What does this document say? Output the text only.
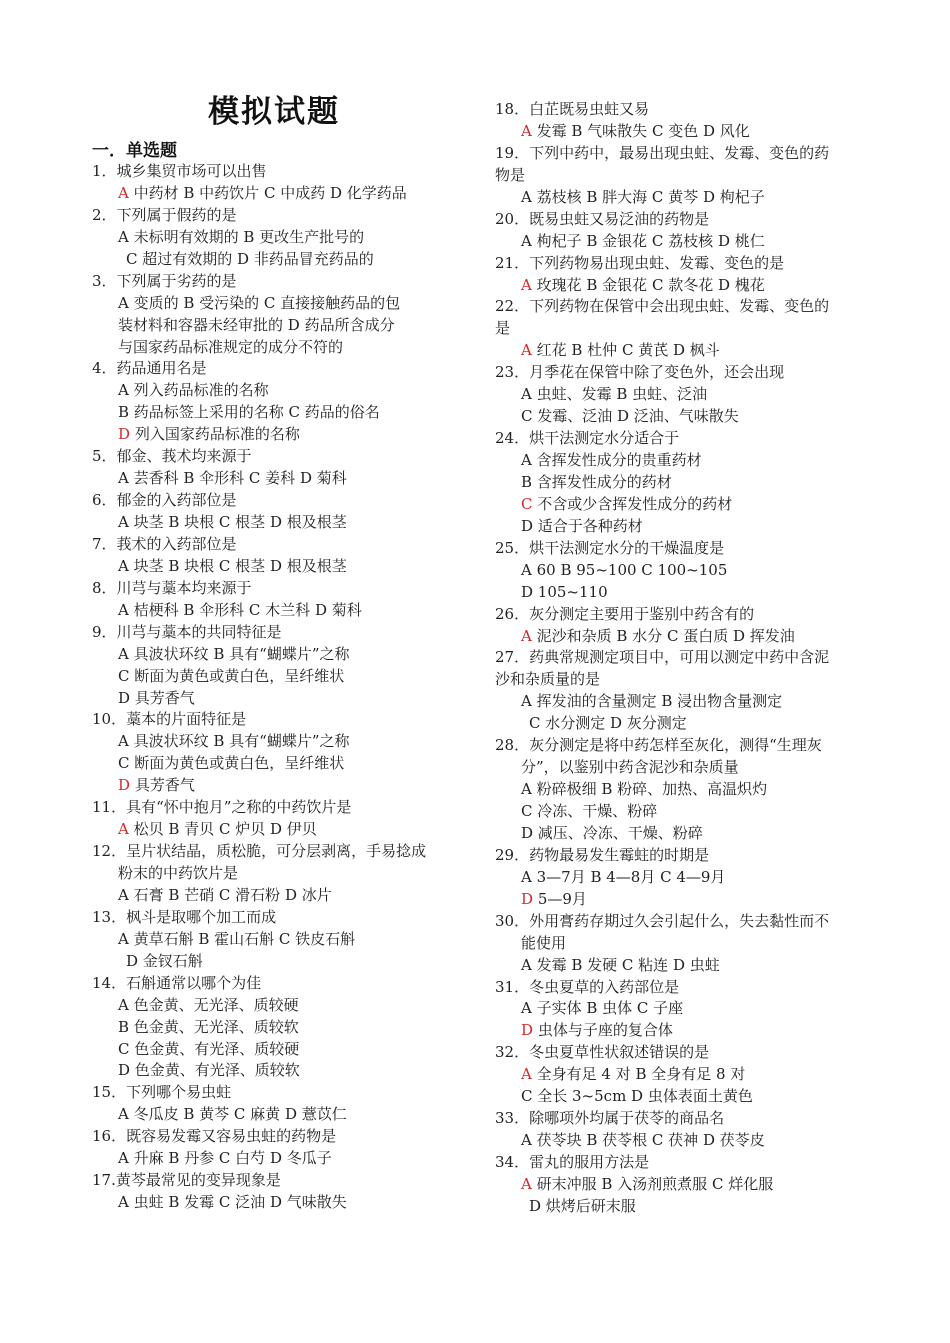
模拟试题
一．单选题
1．城乡集贸市场可以出售
A 中药材 B 中药饮片 C 中成药 D 化学药品
2．下列属于假药的是
A 未标明有效期的 B 更改生产批号的
C 超过有效期的 D 非药品冒充药品的
3．下列属于劣药的是
A 变质的 B 受污染的 C 直接接触药品的包
装材料和容器未经审批的 D 药品所含成分
与国家药品标准规定的成分不符的
4．药品通用名是
A 列入药品标准的名称
B 药品标签上采用的名称 C 药品的俗名
D 列入国家药品标准的名称
5．郁金、莪术均来源于
A 芸香科 B 伞形科 C 姜科 D 菊科
6．郁金的入药部位是
A 块茎 B 块根 C 根茎 D 根及根茎
7．莪术的入药部位是
A 块茎 B 块根 C 根茎 D 根及根茎
8．川芎与藁本均来源于
A 桔梗科 B 伞形科 C 木兰科 D 菊科
9．川芎与藁本的共同特征是
A 具波状环纹 B 具有“蝴蝶片”之称
C 断面为黄色或黄白色，呈纤维状
D 具芳香气
10．藁本的片面特征是
A 具波状环纹 B 具有“蝴蝶片”之称
C 断面为黄色或黄白色，呈纤维状
D 具芳香气
11．具有“怀中抱月”之称的中药饮片是
A 松贝 B 青贝 C 炉贝 D 伊贝
12．呈片状结晶，质松脆，可分层剥离，手易捻成
粉末的中药饮片是
A 石膏 B 芒硝 C 滑石粉 D 冰片
13．枫斗是取哪个加工而成
A 黄草石斛 B 霍山石斛 C 铁皮石斛
D 金钗石斛
14．石斛通常以哪个为佳
A 色金黄、无光泽、质较硬
B 色金黄、无光泽、质较软
C 色金黄、有光泽、质较硬
D 色金黄、有光泽、质较软
15．下列哪个易虫蛀
A 冬瓜皮 B 黄芩 C 麻黄 D 薏苡仁
16．既容易发霉又容易虫蛀的药物是
A 升麻 B 丹参 C 白芍 D 冬瓜子
17.黄芩最常见的变异现象是
A 虫蛀 B 发霉 C 泛油 D 气味散失
18．白芷既易虫蛀又易
A 发霉 B 气味散失 C 变色 D 风化
19．下列中药中，最易出现虫蛀、发霉、变色的药
物是
A 荔枝核 B 胖大海 C 黄芩 D 枸杞子
20．既易虫蛀又易泛油的药物是
A 枸杞子 B 金银花 C 荔枝核 D 桃仁
21．下列药物易出现虫蛀、发霉、变色的是
A 玫瑰花 B 金银花 C 款冬花 D 槐花
22．下列药物在保管中会出现虫蛀、发霉、变色的
是
A 红花 B 杜仲 C 黄芪 D 枫斗
23．月季花在保管中除了变色外，还会出现
A 虫蛀、发霉 B 虫蛀、泛油
C 发霉、泛油 D 泛油、气味散失
24．烘干法测定水分适合于
A 含挥发性成分的贵重药材
B 含挥发性成分的药材
C 不含或少含挥发性成分的药材
D 适合于各种药材
25．烘干法测定水分的干燥温度是
A 60 B 95~100 C 100~105
D 105~110
26．灰分测定主要用于鉴别中药含有的
A 泥沙和杂质 B 水分 C 蛋白质 D 挥发油
27．药典常规测定项目中，可用以测定中药中含泥
沙和杂质量的是
A 挥发油的含量测定 B 浸出物含量测定
C 水分测定 D 灰分测定
28．灰分测定是将中药怎样至灰化，测得“生理灰
分”，以鉴别中药含泥沙和杂质量
A 粉碎极细 B 粉碎、加热、高温炽灼
C 冷冻、干燥、粉碎
D 减压、冷冻、干燥、粉碎
29．药物最易发生霉蛀的时期是
A 3—7月 B 4—8月 C 4—9月
D 5—9月
30．外用膏药存期过久会引起什么，失去黏性而不
能使用
A 发霉 B 发硬 C 粘连 D 虫蛀
31．冬虫夏草的入药部位是
A 子实体 B 虫体 C 子座
D 虫体与子座的复合体
32．冬虫夏草性状叙述错误的是
A 全身有足 4 对 B 全身有足 8 对
C 全长 3~5cm D 虫体表面土黄色
33．除哪项外均属于茯苓的商品名
A 茯苓块 B 茯苓根 C 茯神 D 茯苓皮
34．雷丸的服用方法是
A 研末冲服 B 入汤剂煎煮服 C 烊化服
D 烘烤后研末服
